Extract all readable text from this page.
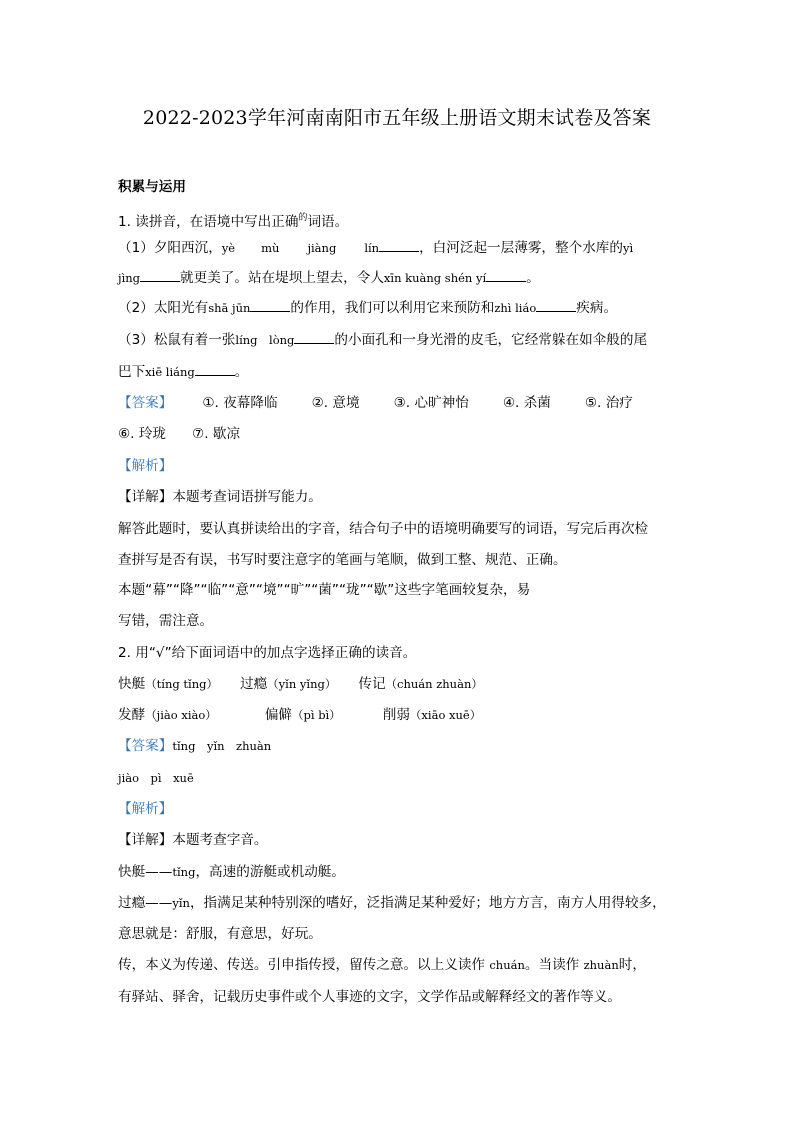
2022-2023学年河南南阳市五年级上册语文期末试卷及答案
积累与运用
1. 读拼音，在语境中写出正确$^的$词语。
（1）夕阳西沉，yè mù jiàng lín	，白河泛起一层薄雾，整个水库的yì
jìng	就更美了。站在堤坝上望去，令人xīn kuàng shén yí	。
（2）太阳光有shā jūn	的作用，我们可以利用它来预防和zhì liáo	疾病。
（3）松鼠有着一张líng　lòng	的小面孔和一身光滑的皮毛，它经常躲在如伞般的尾
巴下xiē liáng	。
【答案】 ①. 夜幕降临	②. 意境	③. 心旷神怡	④. 杀菌	⑤. 治疗
⑥. 玲珑 ⑦. 歇凉
【解析】
【详解】本题考查词语拼写能力。
解答此题时，要认真拼读给出的字音，结合句子中的语境明确要写的词语，写完后再次检
查拼写是否有误，书写时要注意字的笔画与笔顺，做到工整、规范、正确。
本题“幕”“降”“临”“意”“境”“旷”“菌”“珑”“歇”这些字笔画较复杂，易
写错，需注意。
2. 用“√”给下面词语中的加点字选择正确的读音。
快艇（tíng tǐng） 过瘾（yǐn yǐng） 传记（chuán zhuàn）
发酵（jiào xiào）	偏僻（pì bì）	削弱（xiāo xuē）
【答案】tǐng　yǐn　zhuàn
jiào　pì　xuē
【解析】
【详解】本题考查字音。
快艇——tǐng，高速的游艇或机动艇。
过瘾——yǐn，指满足某种特别深的嗜好，泛指满足某种爱好；地方方言，南方人用得较多，
意思就是：舒服，有意思，好玩。
传，本义为传递、传送。引申指传授，留传之意。以上义读作 chuán。当读作 zhuàn时，
有驿站、驿舍，记载历史事件或个人事迹的文字，文学作品或解释经文的著作等义。
